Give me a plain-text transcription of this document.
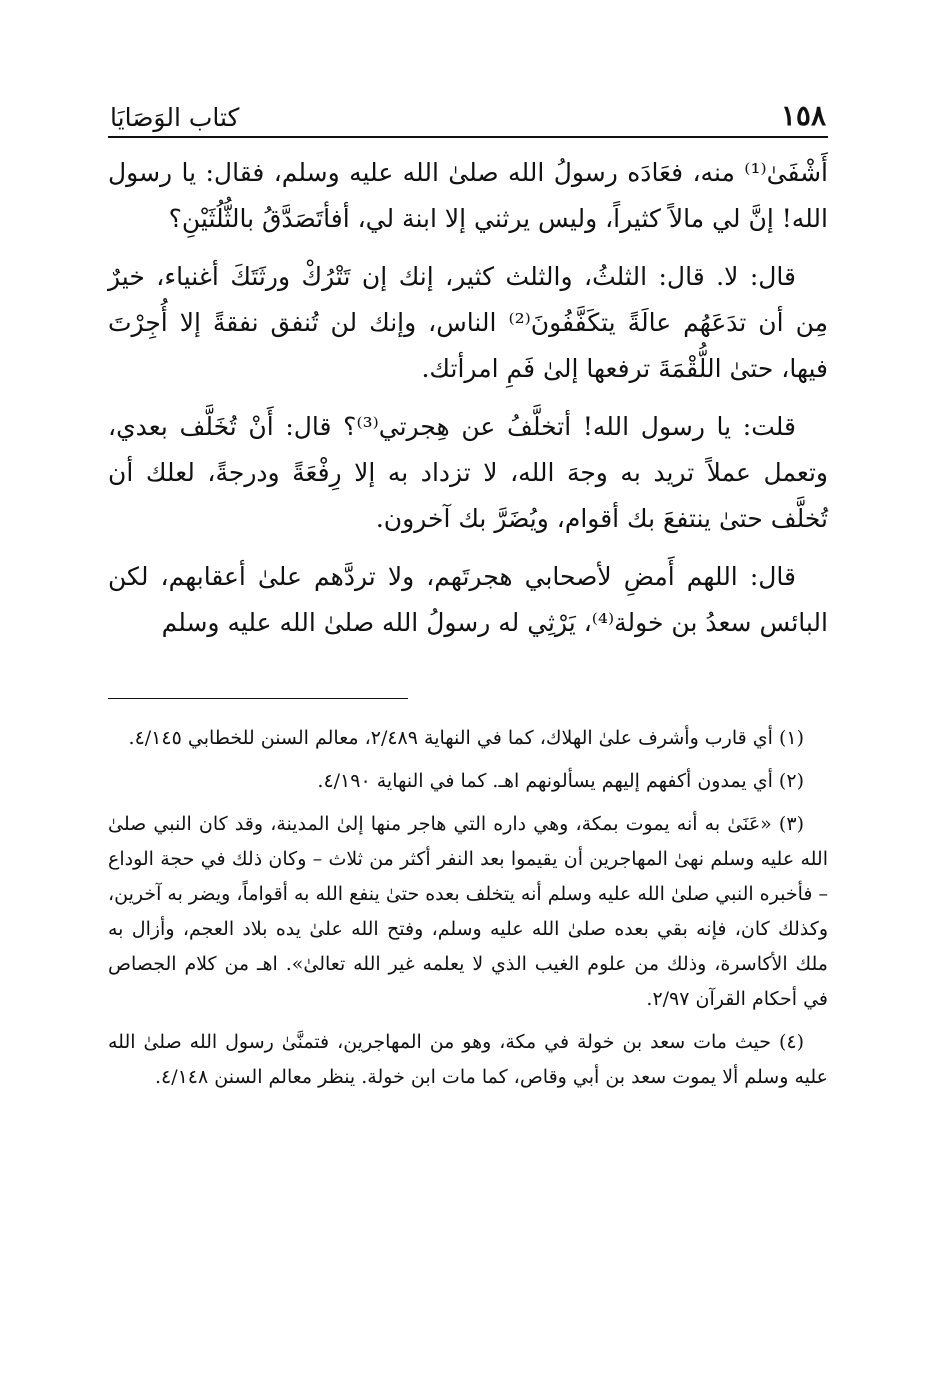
١٥٨
كتاب الوَصَايَا

أَشْفَىٰ⁽¹⁾ منه، فعَادَه رسولُ الله صلىٰ الله عليه وسلم، فقال: يا رسول الله! إنَّ لي مالاً كثيراً، وليس يرثني إلا ابنة لي، أفأتَصَدَّقُ بالثُّلُثَيْنِ؟

قال: لا. قال: الثلثُ، والثلث كثير، إنك إن تَتْرُكْ ورثَتَكَ أغنياء، خيرٌ مِن أن تدَعَهُم عالَةً يتكَفَّفُونَ⁽²⁾ الناس، وإنك لن تُنفق نفقةً إلا أُجِرْتَ فيها، حتىٰ اللُّقْمَةَ ترفعها إلىٰ فَمِ امرأتك.

قلت: يا رسول الله! أتخلَّفُ عن هِجرتي⁽³⁾؟ قال: أَنْ تُخَلَّف بعدي، وتعمل عملاً تريد به وجهَ الله، لا تزداد به إلا رِفْعَةً ودرجةً، لعلك أن تُخلَّف حتىٰ ينتفعَ بك أقوام، ويُضَرَّ بك آخرون.

قال: اللهم أَمضِ لأصحابي هجرتَهم، ولا تردَّهم علىٰ أعقابهم، لكن البائس سعدُ بن خولة⁽⁴⁾، يَرْثِي له رسولُ الله صلىٰ الله عليه وسلم

(١) أي قارب وأشرف علىٰ الهلاك، كما في النهاية ٢/٤٨٩، معالم السنن للخطابي ٤/١٤٥.

(٢) أي يمدون أكفهم إليهم يسألونهم اهـ. كما في النهاية ٤/١٩٠.

(٣) «عَنَىٰ به أنه يموت بمكة، وهي داره التي هاجر منها إلىٰ المدينة، وقد كان النبي صلىٰ الله عليه وسلم نهىٰ المهاجرين أن يقيموا بعد النفر أكثر من ثلاث – وكان ذلك في حجة الوداع – فأخبره النبي صلىٰ الله عليه وسلم أنه يتخلف بعده حتىٰ ينفع الله به أقواماً، ويضر به آخرين، وكذلك كان، فإنه بقي بعده صلىٰ الله عليه وسلم، وفتح الله علىٰ يده بلاد العجم، وأزال به ملك الأكاسرة، وذلك من علوم الغيب الذي لا يعلمه غير الله تعالىٰ». اهـ من كلام الجصاص في أحكام القرآن ٢/٩٧.

(٤) حيث مات سعد بن خولة في مكة، وهو من المهاجرين، فتمنَّىٰ رسول الله صلىٰ الله عليه وسلم ألا يموت سعد بن أبي وقاص، كما مات ابن خولة. ينظر معالم السنن ٤/١٤٨.
